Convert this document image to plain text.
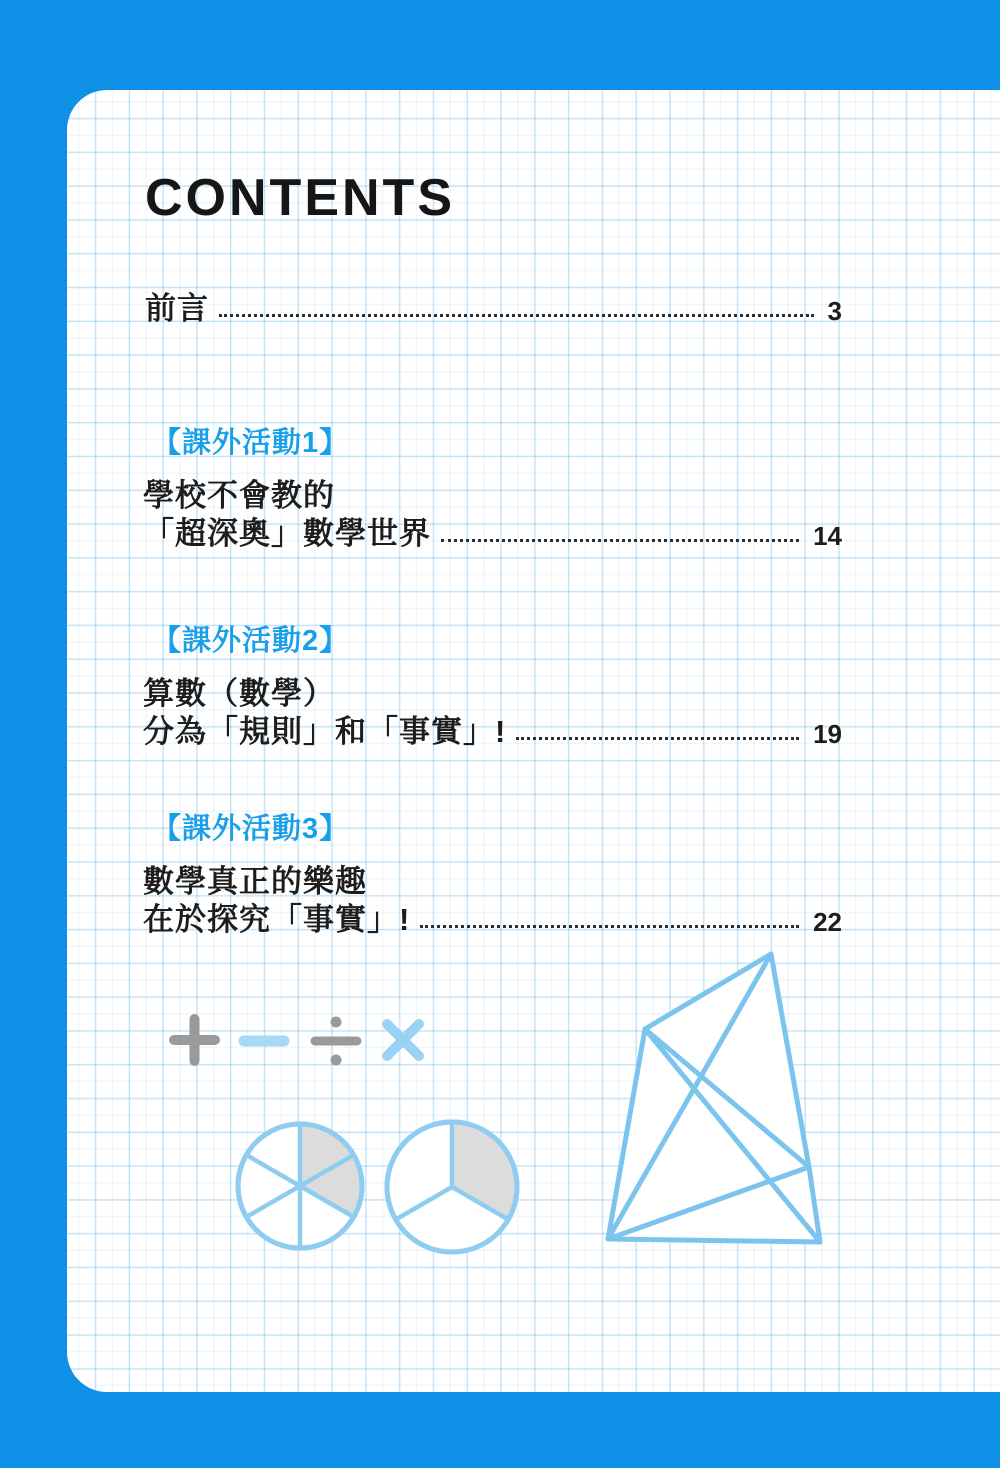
CONTENTS
前言	3
【課外活動1】
學校不會教的
「超深奧」數學世界	14
【課外活動2】
算數（數學）
分為「規則」和「事實」!	19
【課外活動3】
數學真正的樂趣
在於探究「事實」!	22
